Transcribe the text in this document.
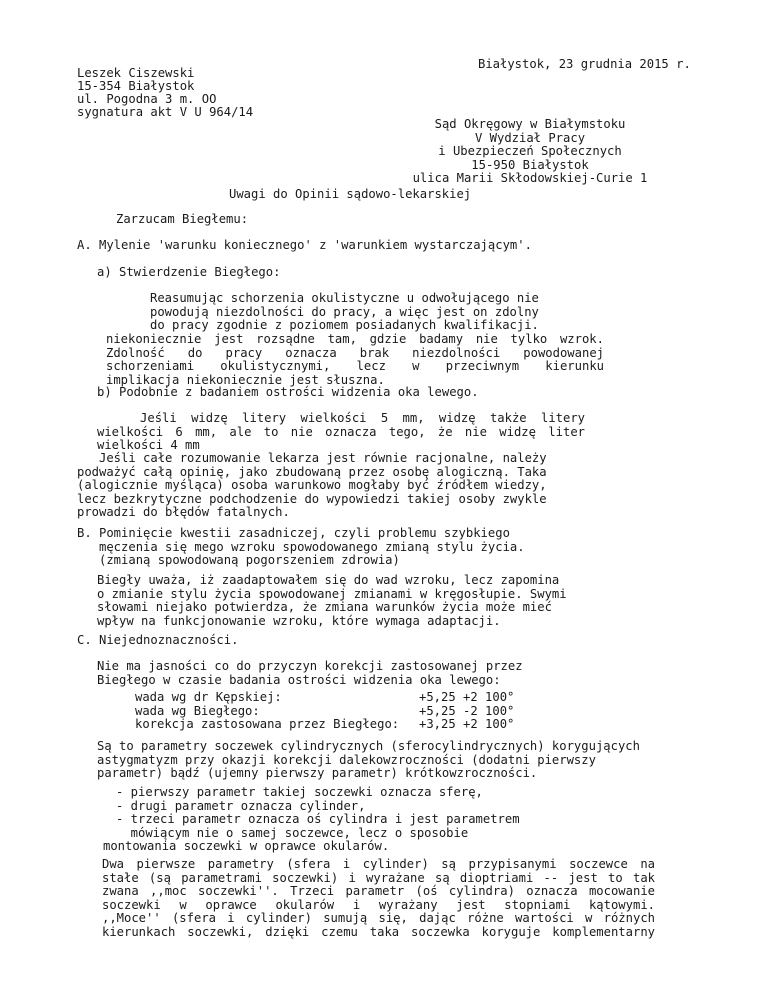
Białystok, 23 grudnia 2015 r.
Leszek Ciszewski
15-354 Białystok
ul. Pogodna 3 m. OO
sygnatura akt V U 964/14
Sąd Okręgowy w Białymstoku
V Wydział Pracy
i Ubezpieczeń Społecznych
15-950 Białystok
ulica Marii Skłodowskiej-Curie 1
Uwagi do Opinii sądowo-lekarskiej
Zarzucam Biegłemu:
A. Mylenie 'warunku koniecznego' z 'warunkiem wystarczającym'.
a) Stwierdzenie Biegłego:
Reasumując schorzenia okulistyczne u odwołującego nie
powodują niezdolności do pracy, a więc jest on zdolny
do pracy zgodnie z poziomem posiadanych kwalifikacji.
niekoniecznie jest rozsądne tam, gdzie badamy nie tylko wzrok.
Zdolność do pracy oznacza brak niezdolności powodowanej
schorzeniami okulistycznymi, lecz w przeciwnym kierunku
implikacja niekoniecznie jest słuszna.
b) Podobnie z badaniem ostrości widzenia oka lewego.
Jeśli widzę litery wielkości 5 mm, widzę także litery
wielkości 6 mm, ale to nie oznacza tego, że nie widzę liter
wielkości 4 mm
Jeśli całe rozumowanie lekarza jest równie racjonalne, należy
podważyć całą opinię, jako zbudowaną przez osobę alogiczną. Taka
(alogicznie myśląca) osoba warunkowo mogłaby być źródłem wiedzy,
lecz bezkrytyczne podchodzenie do wypowiedzi takiej osoby zwykle
prowadzi do błędów fatalnych.
B. Pominięcie kwestii zasadniczej, czyli problemu szybkiego
męczenia się mego wzroku spowodowanego zmianą stylu życia.
(zmianą spowodowaną pogorszeniem zdrowia)
Biegły uważa, iż zaadaptowałem się do wad wzroku, lecz zapomina
o zmianie stylu życia spowodowanej zmianami w kręgosłupie. Swymi
słowami niejako potwierdza, że zmiana warunków życia może mieć
wpływ na funkcjonowanie wzroku, które wymaga adaptacji.
C. Niejednoznaczności.
Nie ma jasności co do przyczyn korekcji zastosowanej przez
Biegłego w czasie badania ostrości widzenia oka lewego:
wada wg dr Kępskiej:	+5,25 +2 100°
wada wg Biegłego:	+5,25 -2 100°
korekcja zastosowana przez Biegłego: +3,25 +2 100°
Są to parametry soczewek cylindrycznych (sferocylindrycznych) korygujących
astygmatyzm przy okazji korekcji dalekowzroczności (dodatni pierwszy
parametr) bądź (ujemny pierwszy parametr) krótkowzroczności.
- pierwszy parametr takiej soczewki oznacza sferę,
- drugi parametr oznacza cylinder,
- trzeci parametr oznacza oś cylindra i jest parametrem
mówiącym nie o samej soczewce, lecz o sposobie
montowania soczewki w oprawce okularów.
Dwa pierwsze parametry (sfera i cylinder) są przypisanymi soczewce na
stałe (są parametrami soczewki) i wyrażane są dioptriami -- jest to tak
zwana ,,moc soczewki''. Trzeci parametr (oś cylindra) oznacza mocowanie
soczewki w oprawce okularów i wyrażany jest stopniami kątowymi.
,,Moce'' (sfera i cylinder) sumują się, dając różne wartości w różnych
kierunkach soczewki, dzięki czemu taka soczewka koryguje komplementarny
